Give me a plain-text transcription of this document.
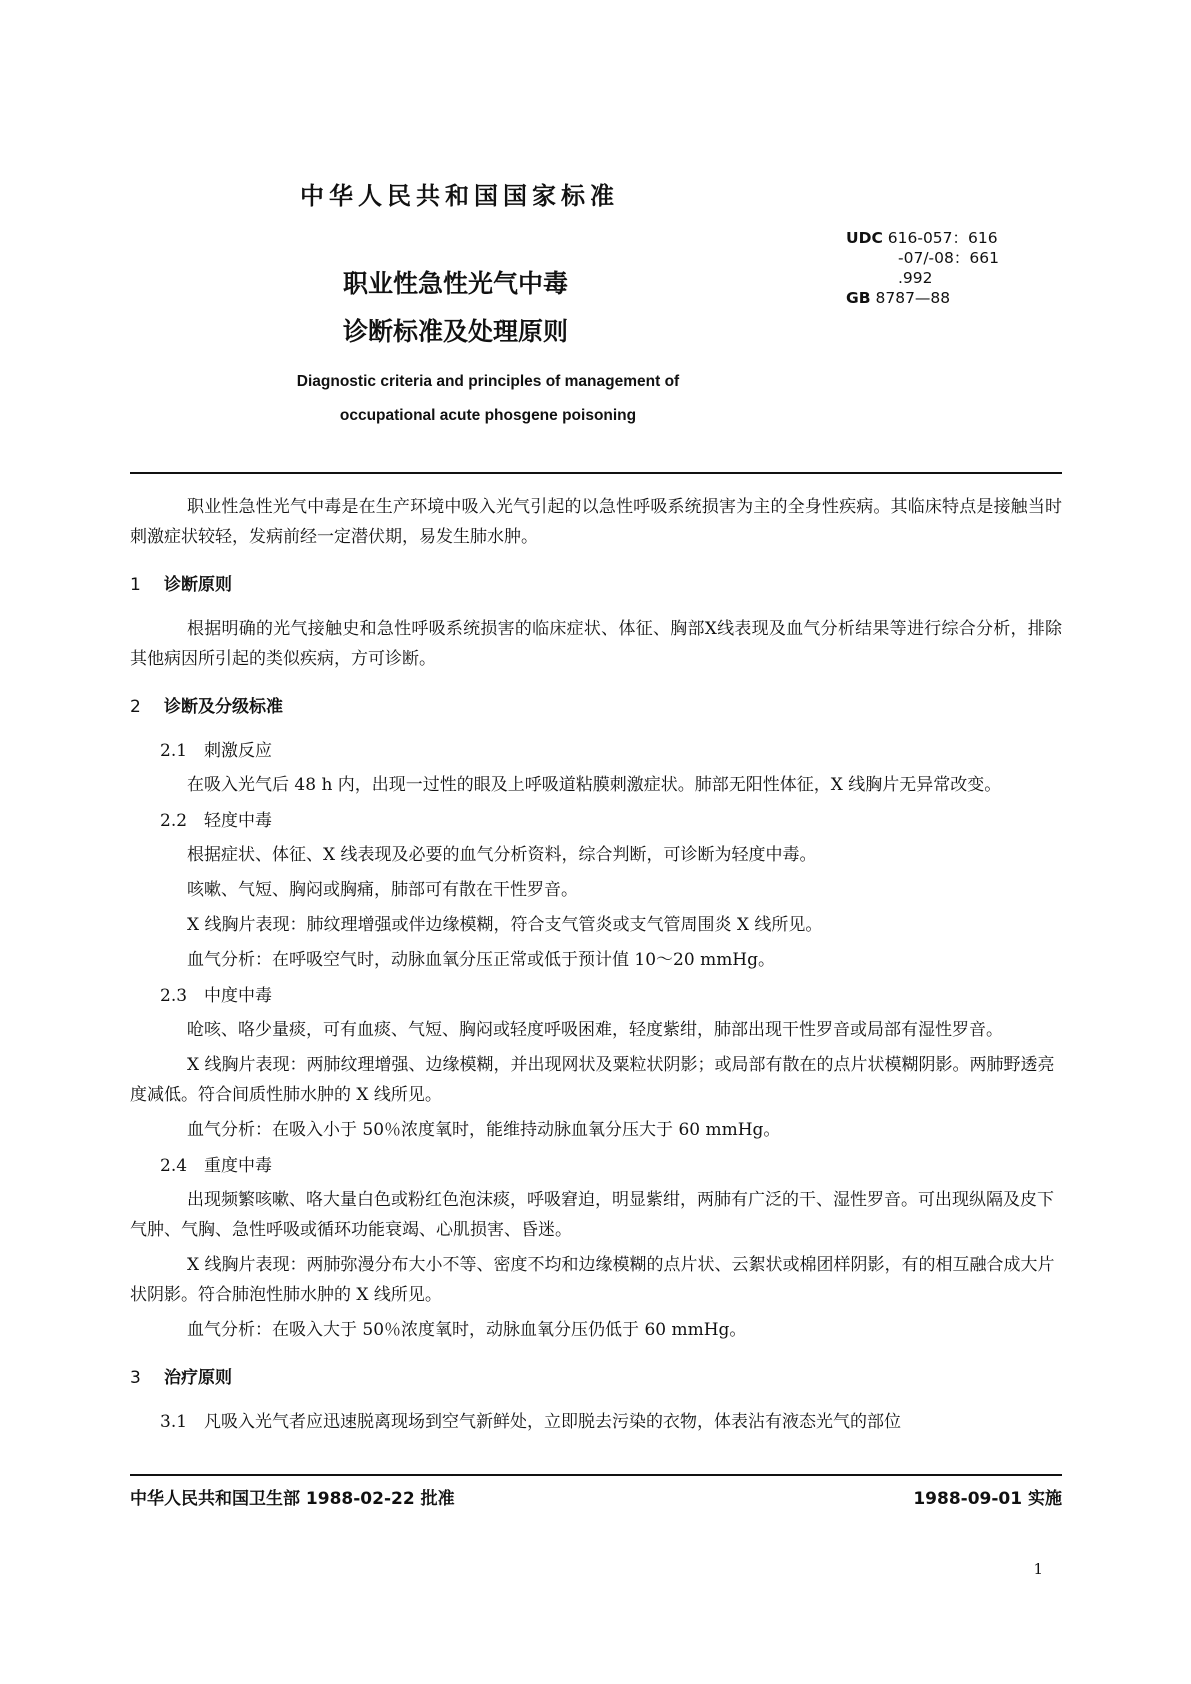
中华人民共和国国家标准
UDC 616-057：616
-07/-08：661
.992
GB 8787—88
职业性急性光气中毒
诊断标准及处理原则
Diagnostic criteria and principles of management of
occupational acute phosgene poisoning

职业性急性光气中毒是在生产环境中吸入光气引起的以急性呼吸系统损害为主的全身性疾病。其临床特点是接触当时刺激症状较轻，发病前经一定潜伏期，易发生肺水肿。

1 诊断原则

根据明确的光气接触史和急性呼吸系统损害的临床症状、体征、胸部X线表现及血气分析结果等进行综合分析，排除其他病因所引起的类似疾病，方可诊断。

2 诊断及分级标准
2.1 刺激反应

在吸入光气后 48 h 内，出现一过性的眼及上呼吸道粘膜刺激症状。肺部无阳性体征，X 线胸片无异常改变。

2.2 轻度中毒

根据症状、体征、X 线表现及必要的血气分析资料，综合判断，可诊断为轻度中毒。

咳嗽、气短、胸闷或胸痛，肺部可有散在干性罗音。

X 线胸片表现：肺纹理增强或伴边缘模糊，符合支气管炎或支气管周围炎 X 线所见。

血气分析：在呼吸空气时，动脉血氧分压正常或低于预计值 10～20 mmHg。

2.3 中度中毒

呛咳、咯少量痰，可有血痰、气短、胸闷或轻度呼吸困难，轻度紫绀，肺部出现干性罗音或局部有湿性罗音。

X 线胸片表现：两肺纹理增强、边缘模糊，并出现网状及粟粒状阴影；或局部有散在的点片状模糊阴影。两肺野透亮度减低。符合间质性肺水肿的 X 线所见。

血气分析：在吸入小于 50％浓度氧时，能维持动脉血氧分压大于 60 mmHg。

2.4 重度中毒

出现频繁咳嗽、咯大量白色或粉红色泡沫痰，呼吸窘迫，明显紫绀，两肺有广泛的干、湿性罗音。可出现纵隔及皮下气肿、气胸、急性呼吸或循环功能衰竭、心肌损害、昏迷。

X 线胸片表现：两肺弥漫分布大小不等、密度不均和边缘模糊的点片状、云絮状或棉团样阴影，有的相互融合成大片状阴影。符合肺泡性肺水肿的 X 线所见。

血气分析：在吸入大于 50％浓度氧时，动脉血氧分压仍低于 60 mmHg。

3 治疗原则
3.1 凡吸入光气者应迅速脱离现场到空气新鲜处，立即脱去污染的衣物，体表沾有液态光气的部位
中华人民共和国卫生部 1988-02-22 批准	1988-09-01 实施
1
